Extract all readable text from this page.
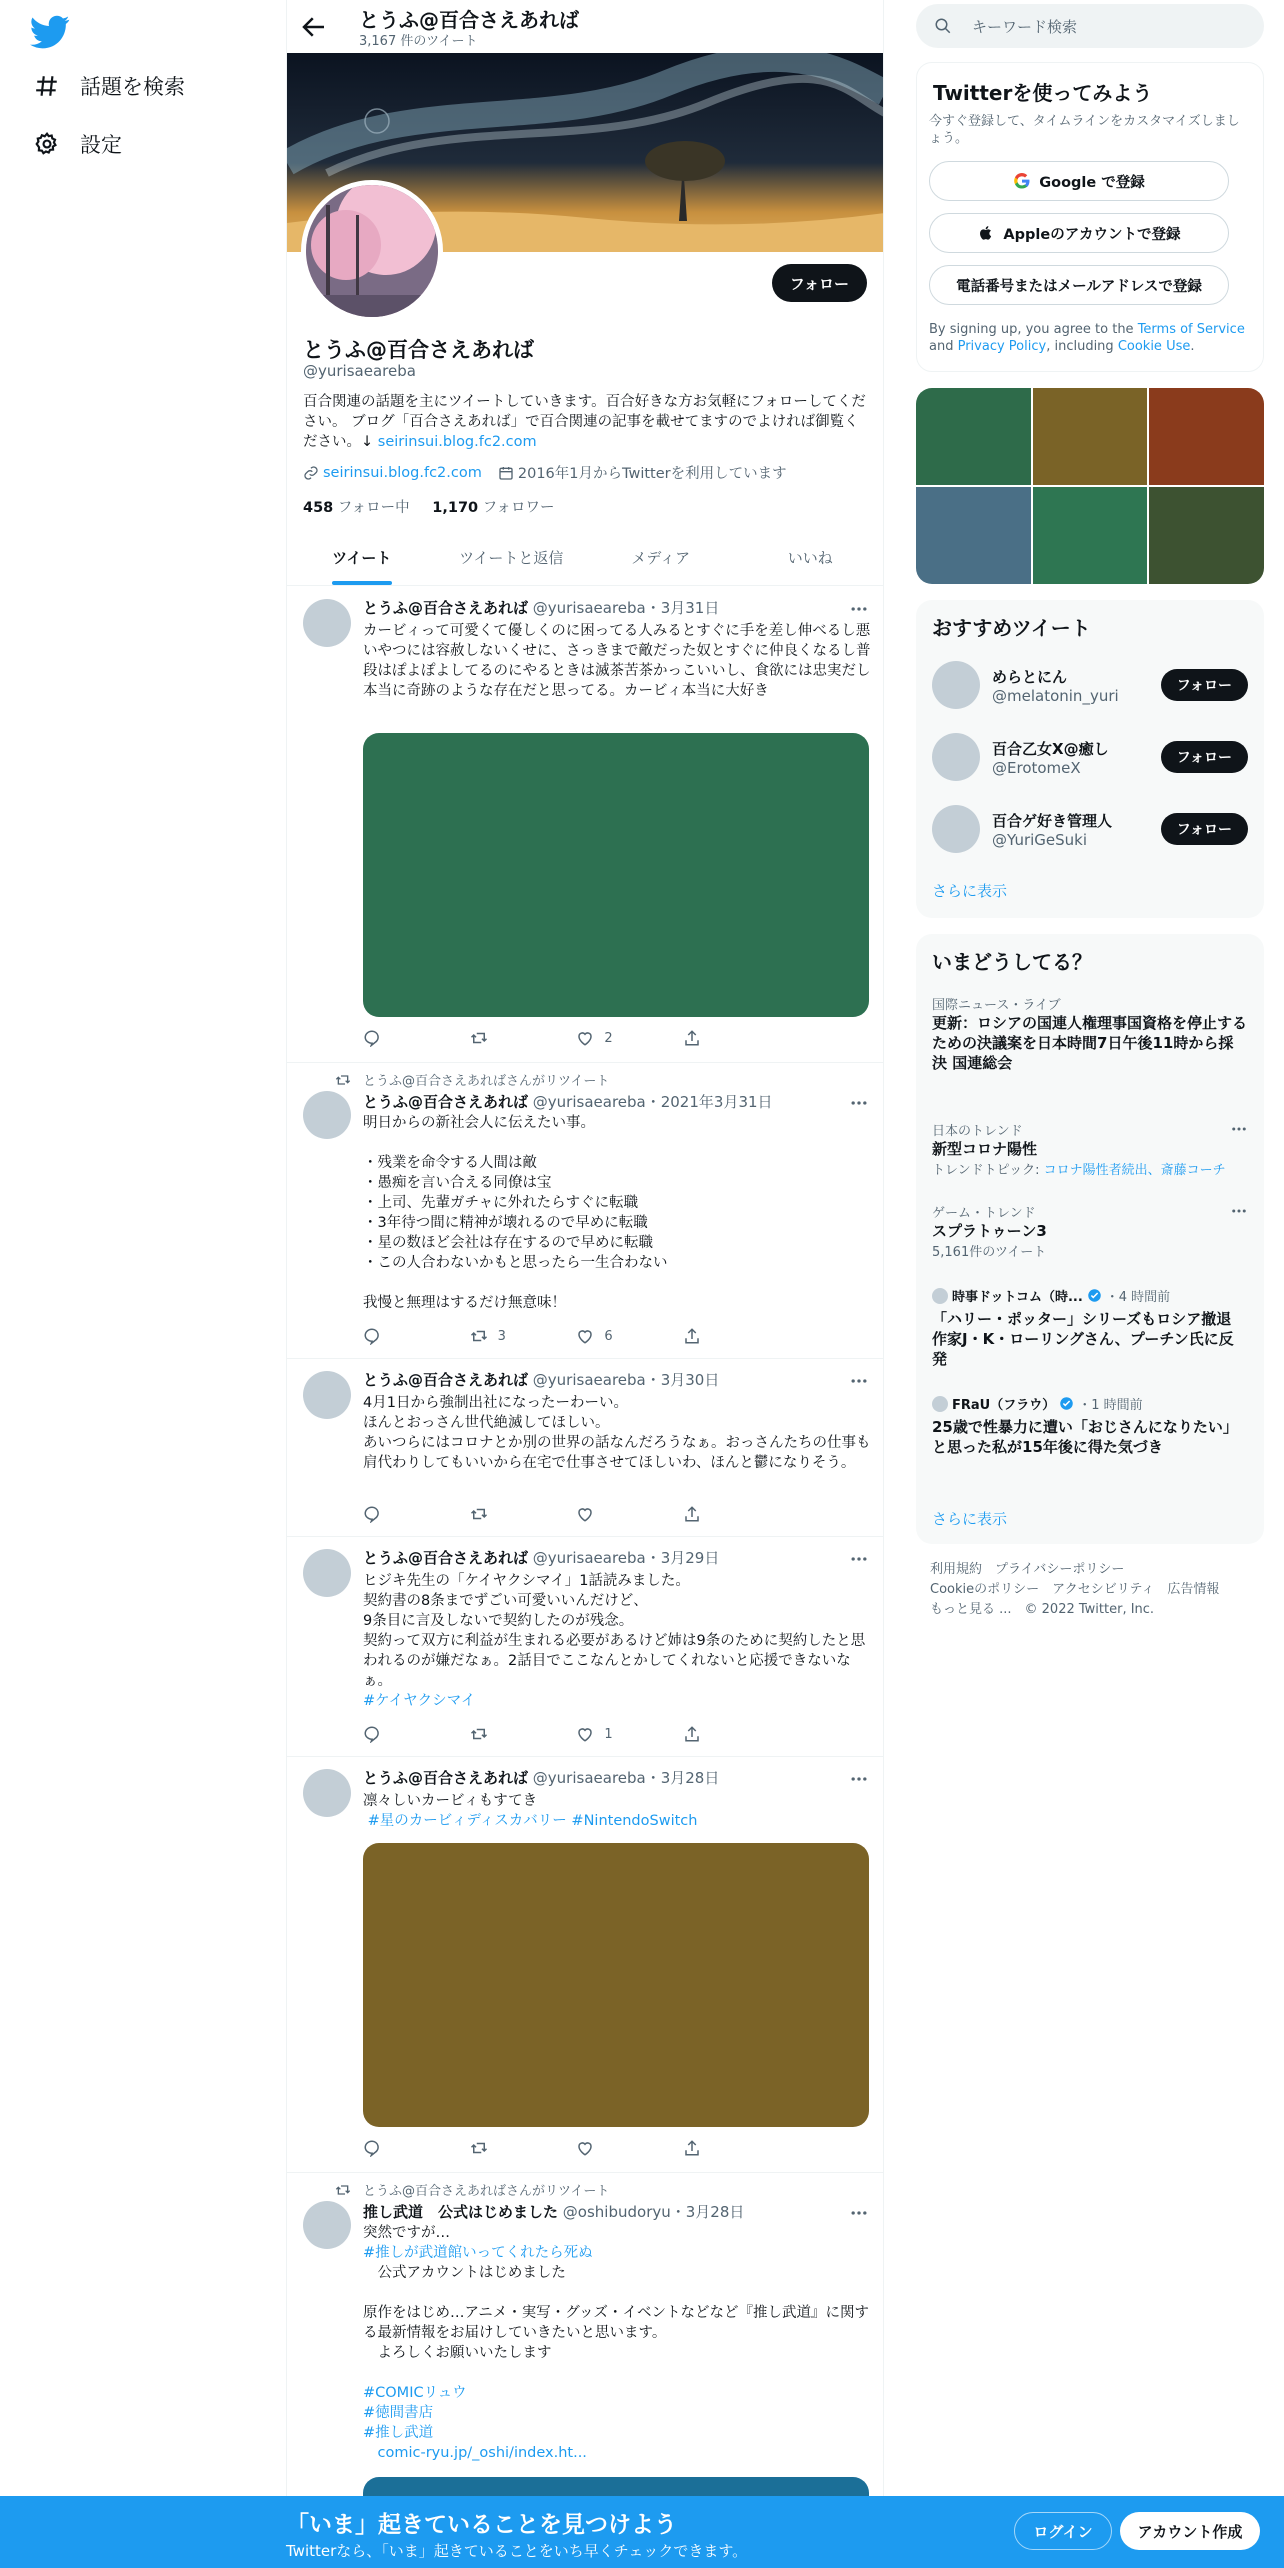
話題を検索
設定
とうふ@百合さえあれば
3,167 件のツイート
フォロー
とうふ@百合さえあれば
@yurisaeareba
百合関連の話題を主にツイートしていきます。百合好きな方お気軽にフォローしてください。 ブログ「百合さえあれば」で百合関連の記事を載せてますのでよければ御覧ください。↓ seirinsui.blog.fc2.com
seirinsui.blog.fc2.com 2016年1月からTwitterを利用しています
458 フォロー中 1,170 フォロワー
ツイート	ツイートと返信	メディア	いいね
とうふ@百合さえあれば @yurisaeareba・3月31日
カービィって可愛くて優しくのに困ってる人みるとすぐに手を差し伸べるし悪いやつには容赦しないくせに、さっきまで敵だった奴とすぐに仲良くなるし普段はぽよぽよしてるのにやるときは滅茶苦茶かっこいいし、食欲には忠実だし本当に奇跡のような存在だと思ってる。カービィ本当に大好き
2
とうふ@百合さえあればさんがリツイート
とうふ@百合さえあれば @yurisaeareba・2021年3月31日
明日からの新社会人に伝えたい事。

・残業を命令する人間は敵
・愚痴を言い合える同僚は宝
・上司、先輩ガチャに外れたらすぐに転職
・3年待つ間に精神が壊れるので早めに転職
・星の数ほど会社は存在するので早めに転職
・この人合わないかもと思ったら一生合わない

我慢と無理はするだけ無意味！
3	6
とうふ@百合さえあれば @yurisaeareba・3月30日
4月1日から強制出社になったーわーい。
ほんとおっさん世代絶滅してほしい。
あいつらにはコロナとか別の世界の話なんだろうなぁ。おっさんたちの仕事も肩代わりしてもいいから在宅で仕事させてほしいわ、ほんと鬱になりそう。
とうふ@百合さえあれば @yurisaeareba・3月29日
ヒジキ先生の「ケイヤクシマイ」1話読みました。
契約書の8条までずごい可愛いいんだけど、
9条目に言及しないで契約したのが残念。
契約って双方に利益が生まれる必要があるけど姉は9条のために契約したと思われるのが嫌だなぁ。2話目でここなんとかしてくれないと応援できないなぁ。
#ケイヤクシマイ
1
とうふ@百合さえあれば @yurisaeareba・3月28日
凛々しいカービィもすてき
#星のカービィディスカバリー #NintendoSwitch
とうふ@百合さえあればさんがリツイート
推し武道　公式はじめました @oshibudoryu・3月28日
突然ですが…
#推しが武道館いってくれたら死ぬ
　公式アカウントはじめました

原作をはじめ…アニメ・実写・グッズ・イベントなどなど『推し武道』に関する最新情報をお届けしていきたいと思います。
　よろしくお願いいたします

#COMICリュウ
#徳間書店
#推し武道
　comic-ryu.jp/_oshi/index.ht...
キーワード検索
Twitterを使ってみよう
今すぐ登録して、タイムラインをカスタマイズしましょう。
Google で登録
Appleのアカウントで登録
電話番号またはメールアドレスで登録
By signing up, you agree to the Terms of Service and Privacy Policy, including Cookie Use.
おすすめツイート
めらとにん
@melatonin_yuri
フォロー
百合乙女X@癒し
@ErotomeX
フォロー
百合ゲ好き管理人
@YuriGeSuki
フォロー
さらに表示
いまどうしてる？
国際ニュース・ライブ
更新：ロシアの国連人権理事国資格を停止するための決議案を日本時間7日午後11時から採決 国連総会
日本のトレンド
新型コロナ陽性
トレンドトピック: コロナ陽性者続出、斎藤コーチ
ゲーム・トレンド
スプラトゥーン3
5,161件のツイート
時事ドットコム（時... ・4 時間前
「ハリー・ポッター」シリーズもロシア撤退　作家J・K・ローリングさん、プーチン氏に反発
FRaU（フラウ） ・1 時間前
25歳で性暴力に遭い「おじさんになりたい」と思った私が15年後に得た気づき
さらに表示
利用規約　プライバシーポリシー
Cookieのポリシー　アクセシビリティ　広告情報
もっと見る ...　© 2022 Twitter, Inc.
「いま」起きていることを見つけよう
Twitterなら、「いま」起きていることをいち早くチェックできます。
ログイン	アカウント作成
